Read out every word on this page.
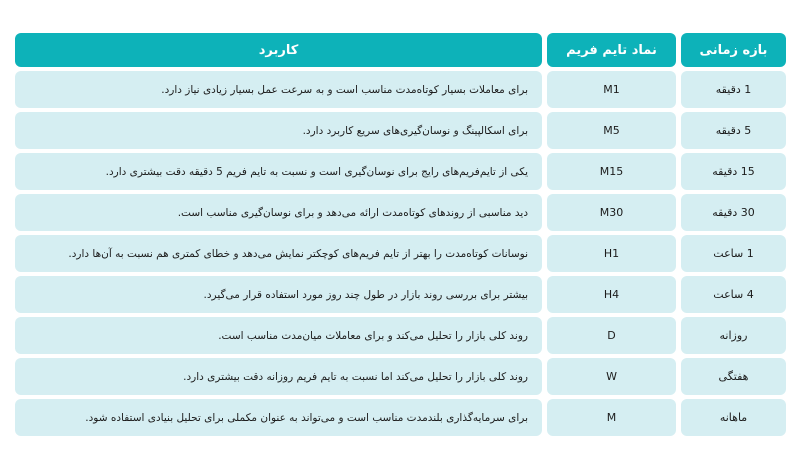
بازه زمانی
نماد تایم فریم
کاربرد
1 دقیقه
M1
برای معاملات بسیار کوتاه‌مدت مناسب است و به سرعت عمل بسیار زیادی نیاز دارد.
5 دقیقه
M5
برای اسکالپینگ و نوسان‌گیری‌های سریع کاربرد دارد.
15 دقیقه
M15
یکی از تایم‌فریم‌های رایج برای نوسان‌گیری است و نسبت به تایم فریم 5 دقیقه دقت بیشتری دارد.
30 دقیقه
M30
دید مناسبی از روندهای کوتاه‌مدت ارائه می‌دهد و برای نوسان‌گیری مناسب است.
1 ساعت
H1
نوسانات کوتاه‌مدت را بهتر از تایم فریم‌های کوچکتر نمایش می‌دهد و خطای کمتری هم نسبت به آن‌ها دارد.
4 ساعت
H4
بیشتر برای بررسی روند بازار در طول چند روز مورد استفاده قرار می‌گیرد.
روزانه
D
روند کلی بازار را تحلیل می‌کند و برای معاملات میان‌مدت مناسب است.
هفتگی
W
روند کلی بازار را تحلیل می‌کند اما نسبت به تایم فریم روزانه دقت بیشتری دارد.
ماهانه
M
برای سرمایه‌گذاری بلندمدت مناسب است و می‌تواند به عنوان مکملی برای تحلیل بنیادی استفاده شود.
